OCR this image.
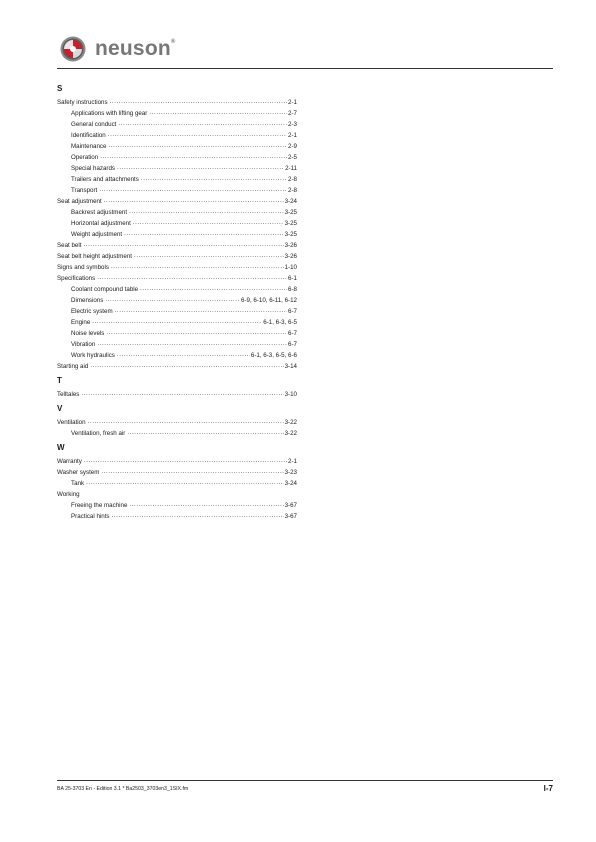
neuson®
S
Safety instructions .....	2-1
Applications with lifting gear .....	2-7
General conduct .....	2-3
Identification .....	2-1
Maintenance .....	2-9
Operation .....	2-5
Special hazards .....	2-11
Trailers and attachments .....	2-8
Transport .....	2-8
Seat adjustment .....	3-24
Backrest adjustment .....	3-25
Horizontal adjustment .....	3-25
Weight adjustment .....	3-25
Seat belt .....	3-26
Seat belt height adjustment .....	3-26
Signs and symbols .....	1-10
Specifications .....	6-1
Coolant compound table .....	6-8
Dimensions .....	6-9, 6-10, 6-11, 6-12
Electric system .....	6-7
Engine .....	6-1, 6-3, 6-5
Noise levels .....	6-7
Vibration .....	6-7
Work hydraulics .....	6-1, 6-3, 6-5, 6-6
Starting aid .....	3-14
T
Telltales .....	3-10
V
Ventilation .....	3-22
Ventilation, fresh air .....	3-22
W
Warranty .....	2-1
Washer system .....	3-23
Tank .....	3-24
Working
Freeing the machine .....	3-67
Practical hints .....	3-67
BA 25-3703 En - Edition 3.1 * Ba2503_3703en3_1SIX.fm	I-7
